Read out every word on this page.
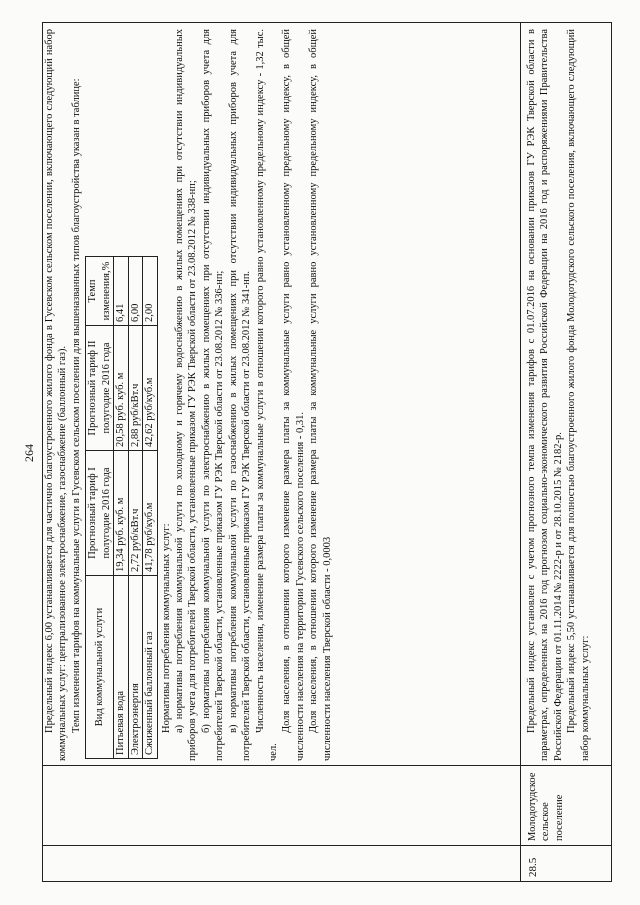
264
28.5
Молодотудское сельское поселение

Предельный индекс 6,00 устанавливается для частично благоустроенного жилого фонда в Гусевском сельском поселении, включающего следующий набор коммунальных услуг: централизованное электроснабжение, газоснабжение (баллонный газ). Темп изменения тарифов на коммунальные услуги в Гусевском сельском поселении для вышеназванных типов благоустройства указан в таблице: Вид коммунальной услуги	Прогнозный тариф I полугодие 2016 года	Прогнозный тариф II полугодие 2016 года	Темп изменения,%
Питьевая вода	19,34 руб. куб. м	20,58 руб. куб. м	6,41
Электроэнергия	2,72 руб/кВт.ч	2,88 руб/кВт.ч	6,00
Сжиженный баллонный газ	41,78 руб/куб.м	42,62 руб/куб.м	2,00

Нормативы потребления коммунальных услуг: а) нормативы потребления коммунальной услуги по холодному и горячему водоснабжению в жилых помещениях при отсутствии индивидуальных приборов учета для потребителей Тверской области, установленные приказом ГУ РЭК Тверской области от 23.08.2012 № 338-нп; б) нормативы потребления коммунальной услуги по электроснабжению в жилых помещениях при отсутствии индивидуальных приборов учета для потребителей Тверской области, установленные приказом ГУ РЭК Тверской области от 23.08.2012 № 336-нп; в) нормативы потребления коммунальной услуги по газоснабжению в жилых помещениях при отсутствии индивидуальных приборов учета для потребителей Тверской области, установленные приказом ГУ РЭК Тверской области от 23.08.2012 № 341-нп. Численность населения, изменение размера платы за коммунальные услуги в отношении которого равно установленному предельному индексу - 1,32 тыс. чел.

Доля населения, в отношении которого изменение размера платы за коммунальные услуги равно установленному предельному индексу, в общей численности населения на территории Гусевского сельского поселения - 0,31. Доля населения, в отношении которого изменение размера платы за коммунальные услуги равно установленному предельному индексу, в общей численности населения Тверской области - 0,0003	Предельный индекс установлен с учетом прогнозного темпа изменения тарифов с 01.07.2016 на основании приказов ГУ РЭК Тверской области в параметрах, определенных на 2016 год прогнозом социально-экономического развития Российской Федерации на 2016 год и распоряжениями Правительства Российской Федерации от 01.11.2014 № 2222-р и от 28.10.2015 № 2182-р. Предельный индекс 5,50 устанавливается для полностью благоустроенного жилого фонда Молодотудского сельского поселения, включающего следующий набор коммунальных услуг:
